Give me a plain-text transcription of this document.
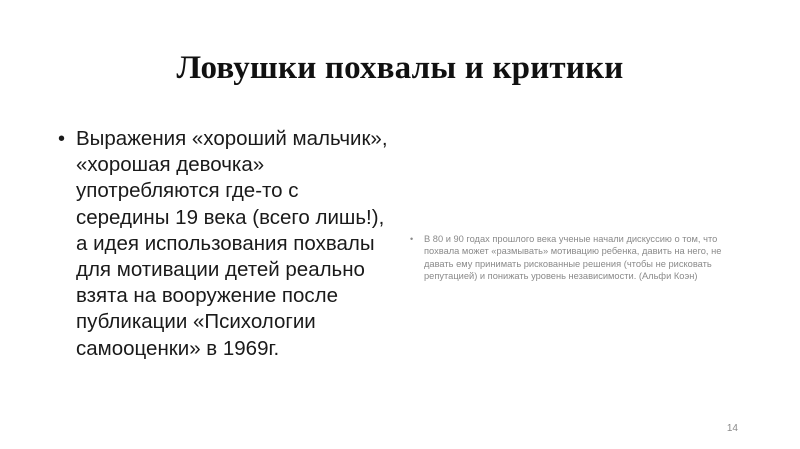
Ловушки похвалы и критики
• Выражения «хороший мальчик», «хорошая девочка» употребляются где-то с середины 19 века (всего лишь!), а идея использования похвалы для мотивации детей реально взята на вооружение после публикации «Психологии самооценки» в 1969г.
• В 80 и 90 годах прошлого века ученые начали дискуссию о том, что похвала может «размывать» мотивацию ребенка, давить на него, не давать ему принимать рискованные решения (чтобы не рисковать репутацией) и понижать уровень независимости. (Альфи Коэн)
14
